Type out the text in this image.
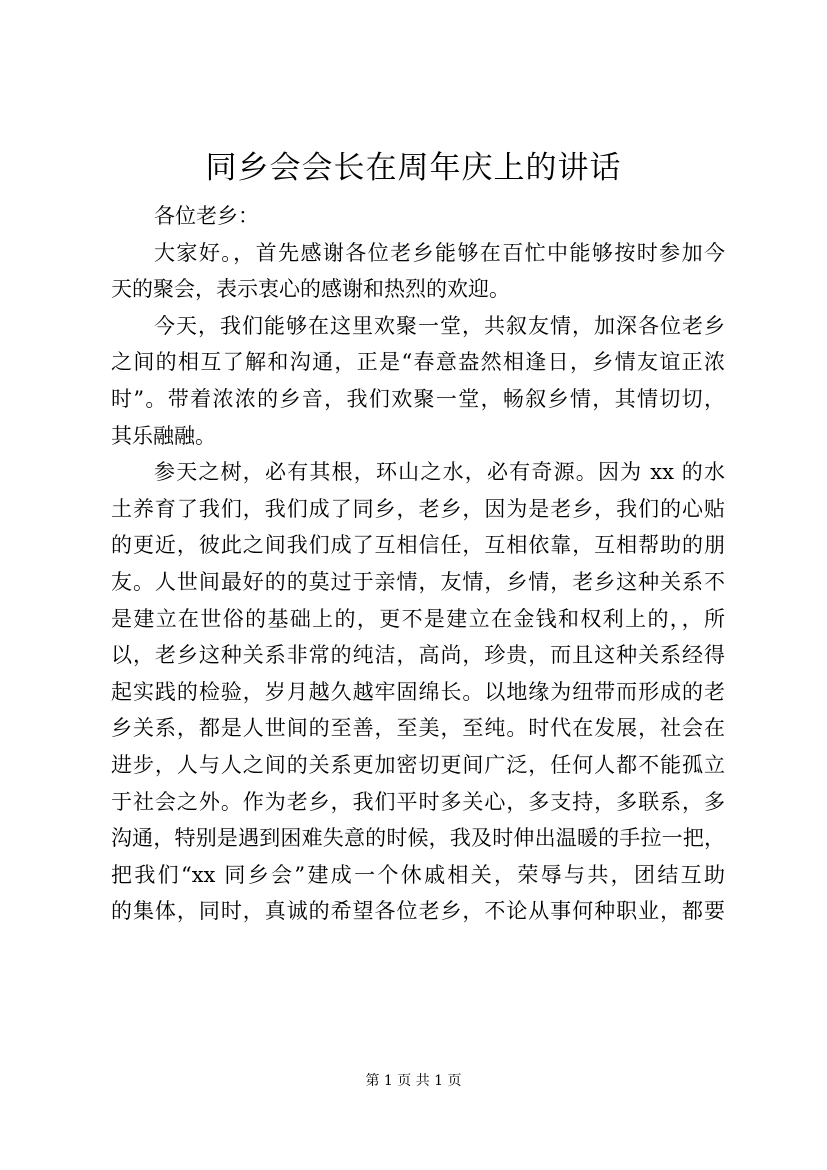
同乡会会长在周年庆上的讲话
各位老乡：
大家好。，首先感谢各位老乡能够在百忙中能够按时参加今
天的聚会，表示衷心的感谢和热烈的欢迎。
今天，我们能够在这里欢聚一堂，共叙友情，加深各位老乡
之间的相互了解和沟通，正是“春意盎然相逢日，乡情友谊正浓
时”。带着浓浓的乡音，我们欢聚一堂，畅叙乡情，其情切切，
其乐融融。
参天之树，必有其根，环山之水，必有奇源。因为 xx 的水
土养育了我们，我们成了同乡，老乡，因为是老乡，我们的心贴
的更近，彼此之间我们成了互相信任，互相依靠，互相帮助的朋
友。人世间最好的的莫过于亲情，友情，乡情，老乡这种关系不
是建立在世俗的基础上的，更不是建立在金钱和权利上的，，所
以，老乡这种关系非常的纯洁，高尚，珍贵，而且这种关系经得
起实践的检验，岁月越久越牢固绵长。以地缘为纽带而形成的老
乡关系，都是人世间的至善，至美，至纯。时代在发展，社会在
进步，人与人之间的关系更加密切更间广泛，任何人都不能孤立
于社会之外。作为老乡，我们平时多关心，多支持，多联系，多
沟通，特别是遇到困难失意的时候，我及时伸出温暖的手拉一把，
把我们“xx 同乡会”建成一个休戚相关，荣辱与共，团结互助
的集体，同时，真诚的希望各位老乡，不论从事何种职业，都要
第 1 页 共 1 页
